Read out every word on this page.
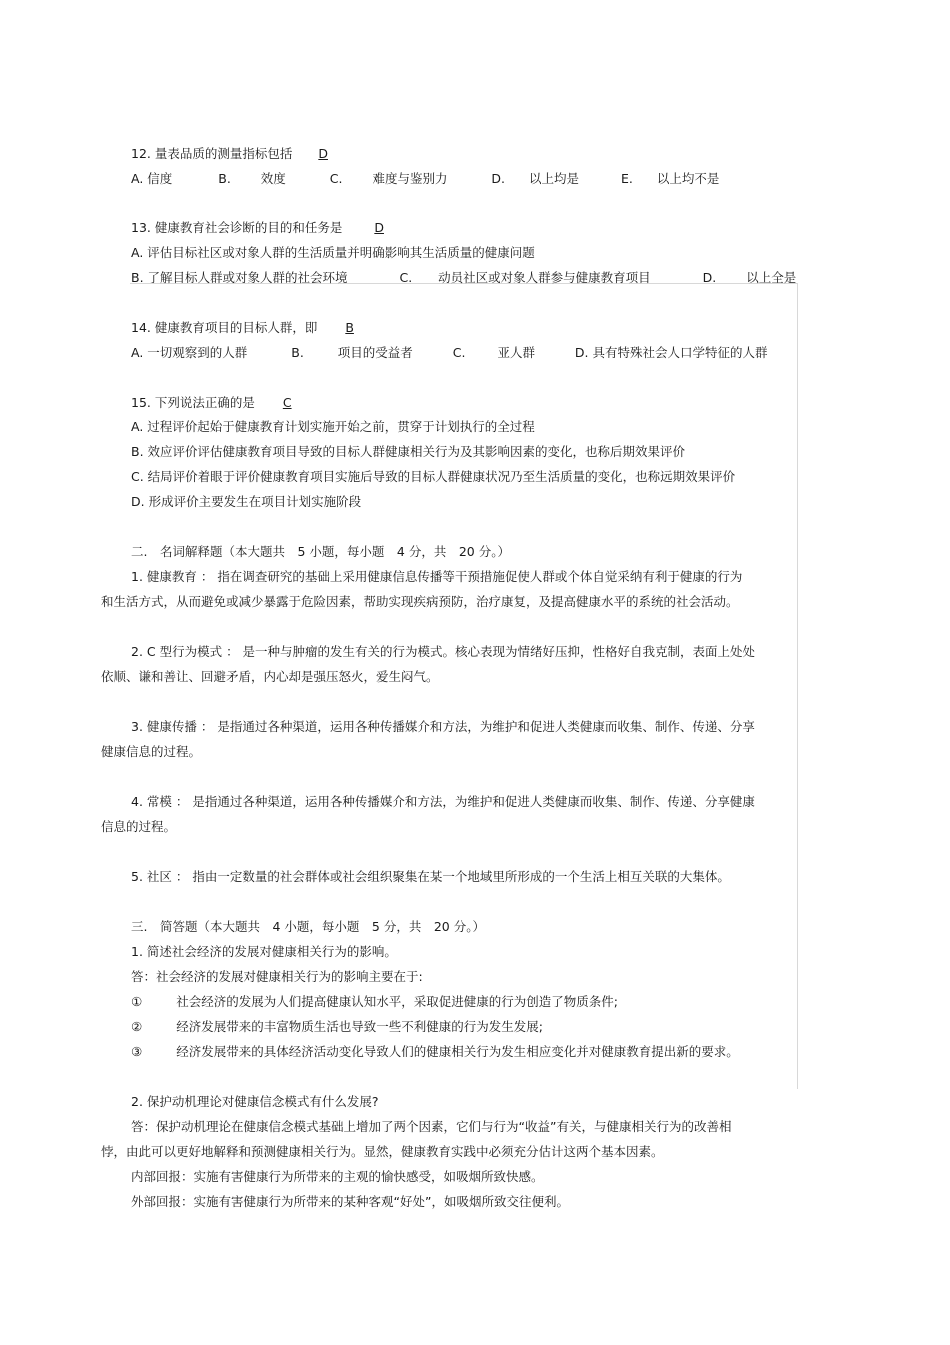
12. 量表品质的测量指标包括 D
A. 信度	B. 效度	C. 难度与鉴别力	D. 以上均是	E. 以上均不是
13. 健康教育社会诊断的目的和任务是	D
A. 评估目标社区或对象人群的生活质量并明确影响其生活质量的健康问题
B. 了解目标人群或对象人群的社会环境	C. 动员社区或对象人群参与健康教育项目	D. 以上全是
14. 健康教育项目的目标人群，即 B
A. 一切观察到的人群	B.	项目的受益者	C.	亚人群	D. 具有特殊社会人口学特征的人群
15. 下列说法正确的是 C
A. 过程评价起始于健康教育计划实施开始之前，贯穿于计划执行的全过程
B. 效应评价评估健康教育项目导致的目标人群健康相关行为及其影响因素的变化，也称后期效果评价
C. 结局评价着眼于评价健康教育项目实施后导致的目标人群健康状况乃至生活质量的变化，也称远期效果评价
D. 形成评价主要发生在项目计划实施阶段
二.　名词解释题（本大题共　5 小题，每小题　4 分，共　20 分。）
1. 健康教育 ： 指在调查研究的基础上采用健康信息传播等干预措施促使人群或个体自觉采纳有利于健康的行为
和生活方式，从而避免或减少暴露于危险因素，帮助实现疾病预防，治疗康复，及提高健康水平的系统的社会活动。
2. C 型行为模式 ： 是一种与肿瘤的发生有关的行为模式。核心表现为情绪好压抑，性格好自我克制，表面上处处
依顺、谦和善让、回避矛盾，内心却是强压怒火，爱生闷气。
3. 健康传播 ： 是指通过各种渠道，运用各种传播媒介和方法，为维护和促进人类健康而收集、制作、传递、分享
健康信息的过程。
4. 常模 ： 是指通过各种渠道，运用各种传播媒介和方法，为维护和促进人类健康而收集、制作、传递、分享健康
信息的过程。
5. 社区 ： 指由一定数量的社会群体或社会组织聚集在某一个地域里所形成的一个生活上相互关联的大集体。
三.　简答题（本大题共　4 小题，每小题　5 分，共　20 分。）
1. 简述社会经济的发展对健康相关行为的影响。
答：社会经济的发展对健康相关行为的影响主要在于:
①	社会经济的发展为人们提高健康认知水平，采取促进健康的行为创造了物质条件;
②	经济发展带来的丰富物质生活也导致一些不利健康的行为发生发展;
③	经济发展带来的具体经济活动变化导致人们的健康相关行为发生相应变化并对健康教育提出新的要求。
2. 保护动机理论对健康信念模式有什么发展?
答：保护动机理论在健康信念模式基础上增加了两个因素，它们与行为“收益”有关，与健康相关行为的改善相
悖，由此可以更好地解释和预测健康相关行为。显然，健康教育实践中必须充分估计这两个基本因素。
内部回报：实施有害健康行为所带来的主观的愉快感受，如吸烟所致快感。
外部回报：实施有害健康行为所带来的某种客观“好处”，如吸烟所致交往便利。
